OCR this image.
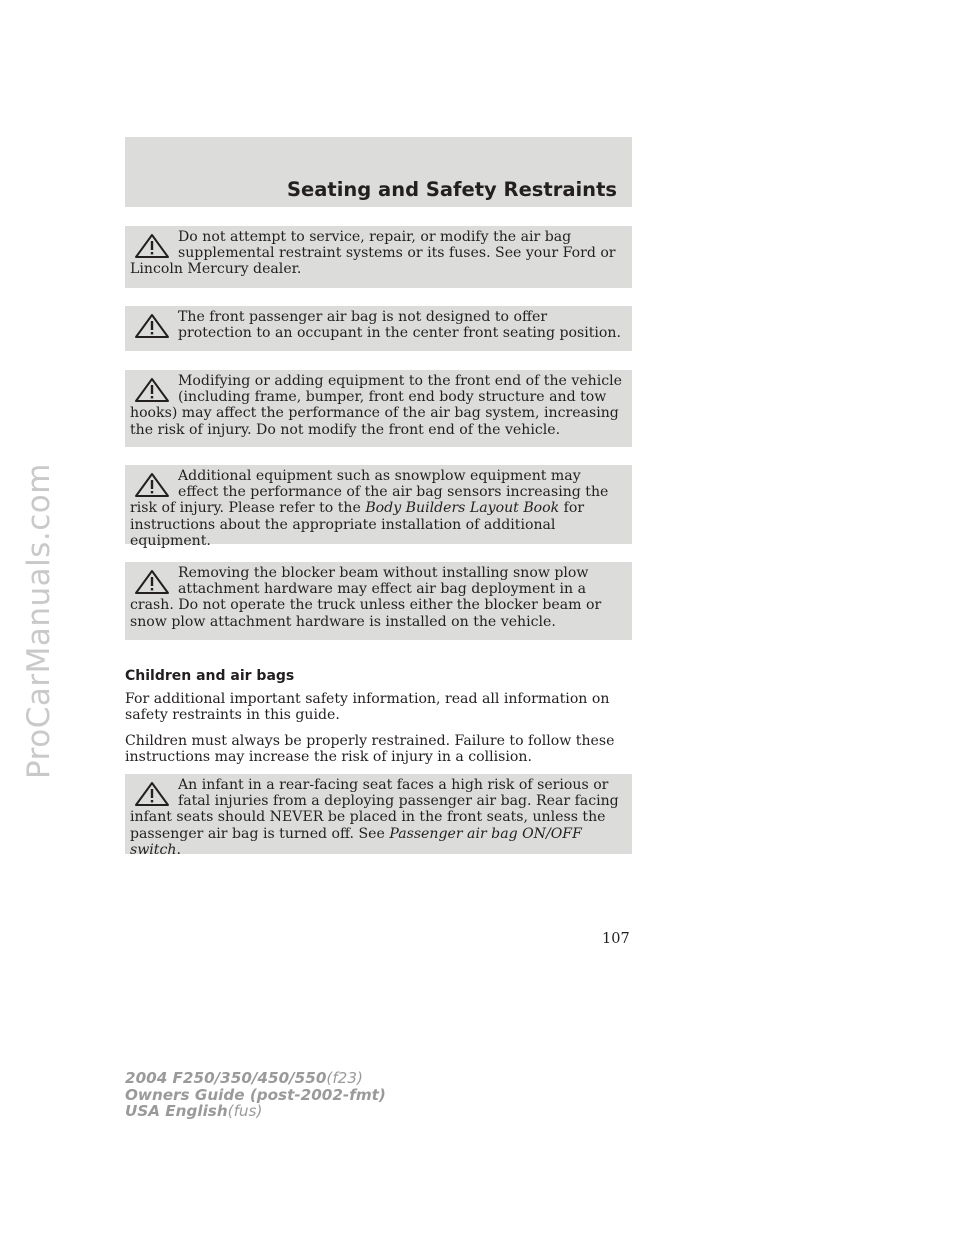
ProCarManuals.com
Seating and Safety Restraints
Do not attempt to service, repair, or modify the air bag supplemental restraint systems or its fuses. See your Ford or Lincoln Mercury dealer.
The front passenger air bag is not designed to offer protection to an occupant in the center front seating position.
Modifying or adding equipment to the front end of the vehicle (including frame, bumper, front end body structure and tow hooks) may affect the performance of the air bag system, increasing the risk of injury. Do not modify the front end of the vehicle.
Additional equipment such as snowplow equipment may effect the performance of the air bag sensors increasing the risk of injury. Please refer to the Body Builders Layout Book for instructions about the appropriate installation of additional equipment.
Removing the blocker beam without installing snow plow attachment hardware may effect air bag deployment in a crash. Do not operate the truck unless either the blocker beam or snow plow attachment hardware is installed on the vehicle.
Children and air bags
For additional important safety information, read all information on safety restraints in this guide.
Children must always be properly restrained. Failure to follow these instructions may increase the risk of injury in a collision.
An infant in a rear-facing seat faces a high risk of serious or fatal injuries from a deploying passenger air bag. Rear facing infant seats should NEVER be placed in the front seats, unless the passenger air bag is turned off. See Passenger air bag ON/OFF switch.
107
2004 F250/350/450/550(f23)
Owners Guide (post-2002-fmt)
USA English(fus)
